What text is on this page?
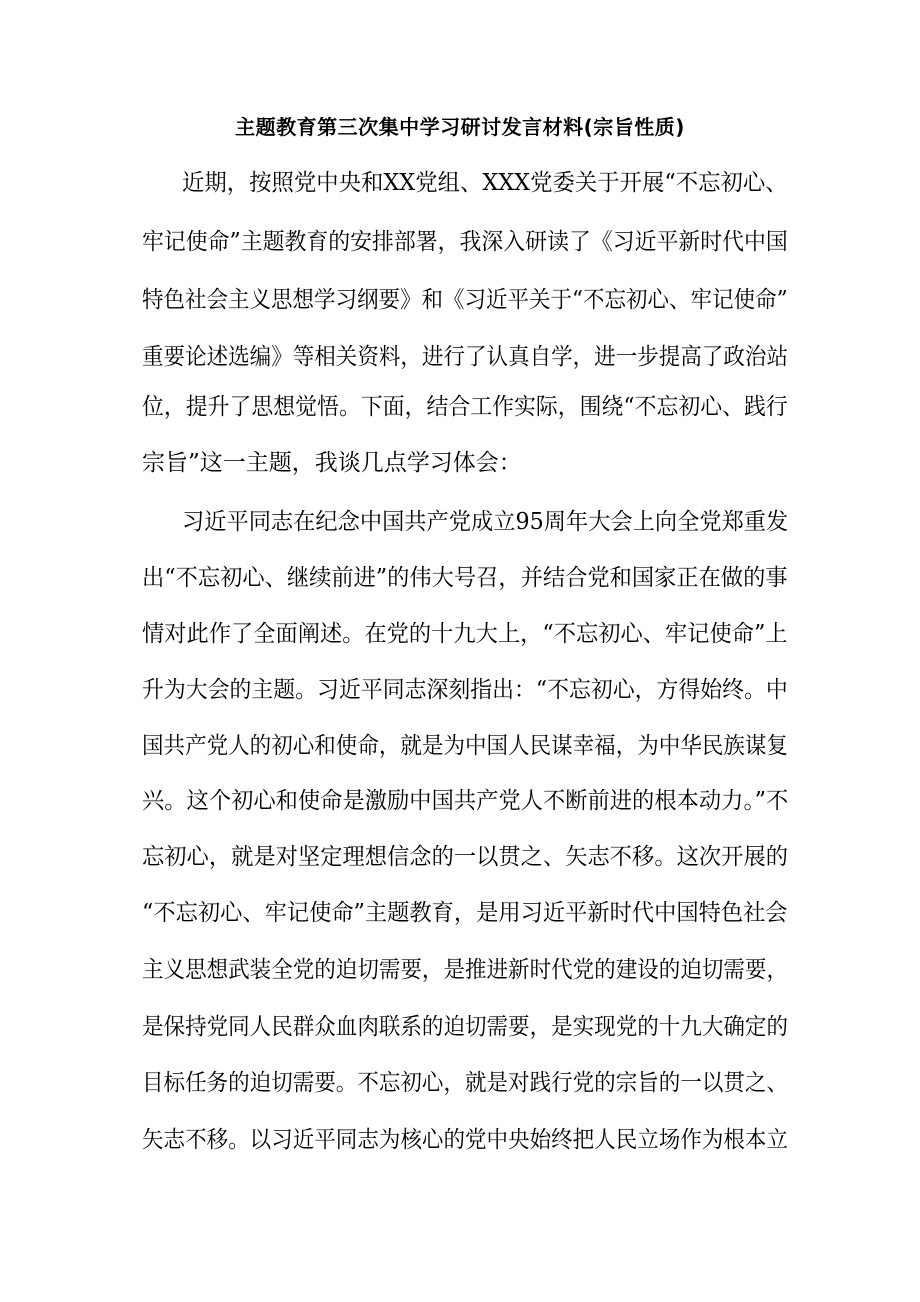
主题教育第三次集中学习研讨发言材料(宗旨性质)
近期，按照党中央和XX党组、XXX党委关于开展“不忘初心、
牢记使命”主题教育的安排部署，我深入研读了《习近平新时代中国
特色社会主义思想学习纲要》和《习近平关于“不忘初心、牢记使命”
重要论述选编》等相关资料，进行了认真自学，进一步提高了政治站
位，提升了思想觉悟。下面，结合工作实际，围绕“不忘初心、践行
宗旨”这一主题，我谈几点学习体会：
习近平同志在纪念中国共产党成立95周年大会上向全党郑重发
出“不忘初心、继续前进”的伟大号召，并结合党和国家正在做的事
情对此作了全面阐述。在党的十九大上，“不忘初心、牢记使命”上
升为大会的主题。习近平同志深刻指出：“不忘初心，方得始终。中
国共产党人的初心和使命，就是为中国人民谋幸福，为中华民族谋复
兴。这个初心和使命是激励中国共产党人不断前进的根本动力。”不
忘初心，就是对坚定理想信念的一以贯之、矢志不移。这次开展的
“不忘初心、牢记使命”主题教育，是用习近平新时代中国特色社会
主义思想武装全党的迫切需要，是推进新时代党的建设的迫切需要，
是保持党同人民群众血肉联系的迫切需要，是实现党的十九大确定的
目标任务的迫切需要。不忘初心，就是对践行党的宗旨的一以贯之、
矢志不移。以习近平同志为核心的党中央始终把人民立场作为根本立
